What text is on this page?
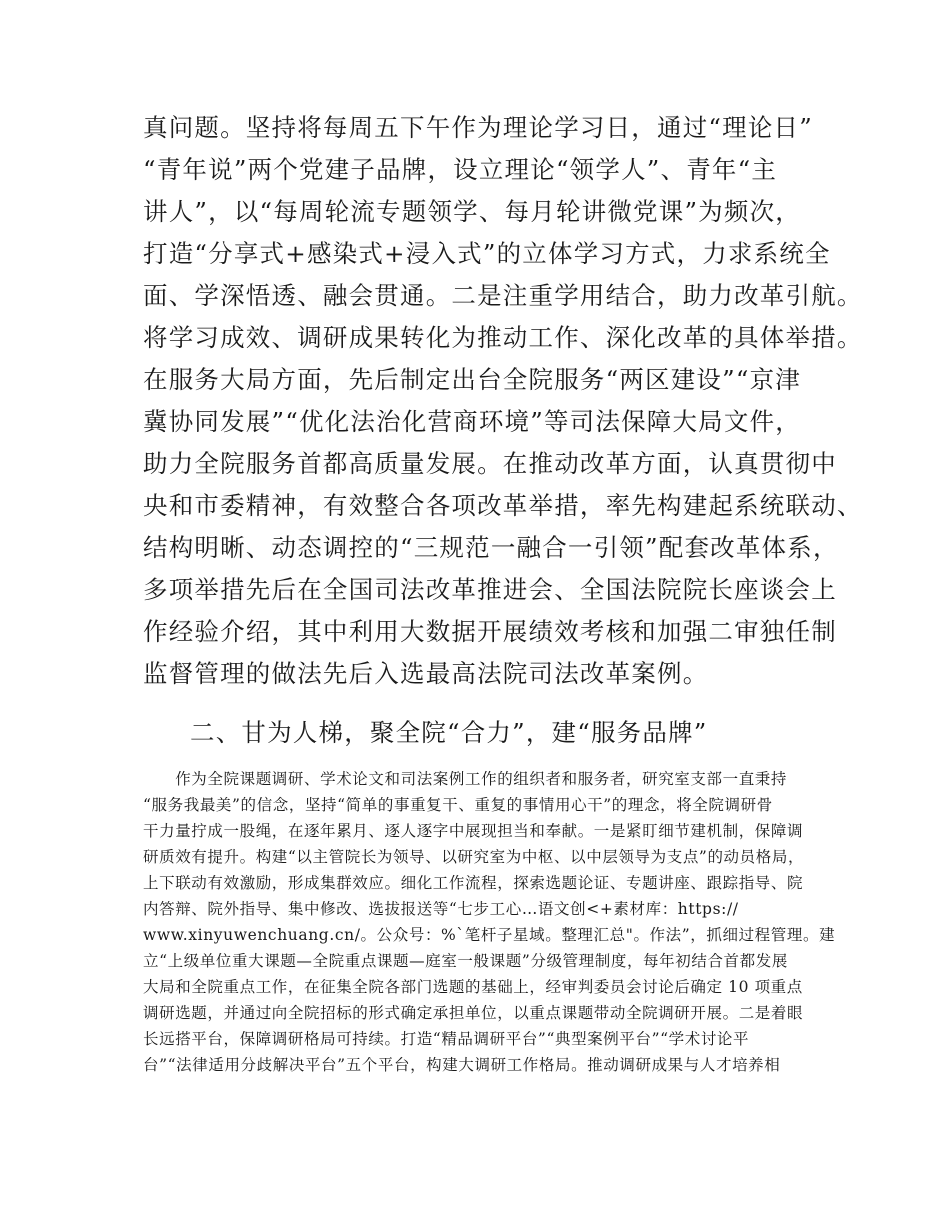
真问题。坚持将每周五下午作为理论学习日，通过“理论日”
“青年说”两个党建子品牌，设立理论“领学人”、青年“主
讲人”，以“每周轮流专题领学、每月轮讲微党课”为频次，
打造“分享式+感染式+浸入式”的立体学习方式，力求系统全
面、学深悟透、融会贯通。二是注重学用结合，助力改革引航。
将学习成效、调研成果转化为推动工作、深化改革的具体举措。
在服务大局方面，先后制定出台全院服务“两区建设”“京津
冀协同发展”“优化法治化营商环境”等司法保障大局文件，
助力全院服务首都高质量发展。在推动改革方面，认真贯彻中
央和市委精神，有效整合各项改革举措，率先构建起系统联动、
结构明晰、动态调控的“三规范一融合一引领”配套改革体系，
多项举措先后在全国司法改革推进会、全国法院院长座谈会上
作经验介绍，其中利用大数据开展绩效考核和加强二审独任制
监督管理的做法先后入选最高法院司法改革案例。
二、甘为人梯，聚全院“合力”，建“服务品牌”
　　作为全院课题调研、学术论文和司法案例工作的组织者和服务者，研究室支部一直秉持
“服务我最美”的信念，坚持“简单的事重复干、重复的事情用心干”的理念，将全院调研骨
干力量拧成一股绳，在逐年累月、逐人逐字中展现担当和奉献。一是紧盯细节建机制，保障调
研质效有提升。构建“以主管院长为领导、以研究室为中枢、以中层领导为支点”的动员格局，
上下联动有效激励，形成集群效应。细化工作流程，探索选题论证、专题讲座、跟踪指导、院
内答辩、院外指导、集中修改、选拔报送等“七步工心…语文创<+素材库：https://
www.xinyuwenchuang.cn/。公众号：%`笔杆子星域。整理汇总"。作法”，抓细过程管理。建
立“上级单位重大课题—全院重点课题—庭室一般课题”分级管理制度，每年初结合首都发展
大局和全院重点工作，在征集全院各部门选题的基础上，经审判委员会讨论后确定 10 项重点
调研选题，并通过向全院招标的形式确定承担单位，以重点课题带动全院调研开展。二是着眼
长远搭平台，保障调研格局可持续。打造“精品调研平台”“典型案例平台”“学术讨论平
台”“法律适用分歧解决平台”五个平台，构建大调研工作格局。推动调研成果与人才培养相
